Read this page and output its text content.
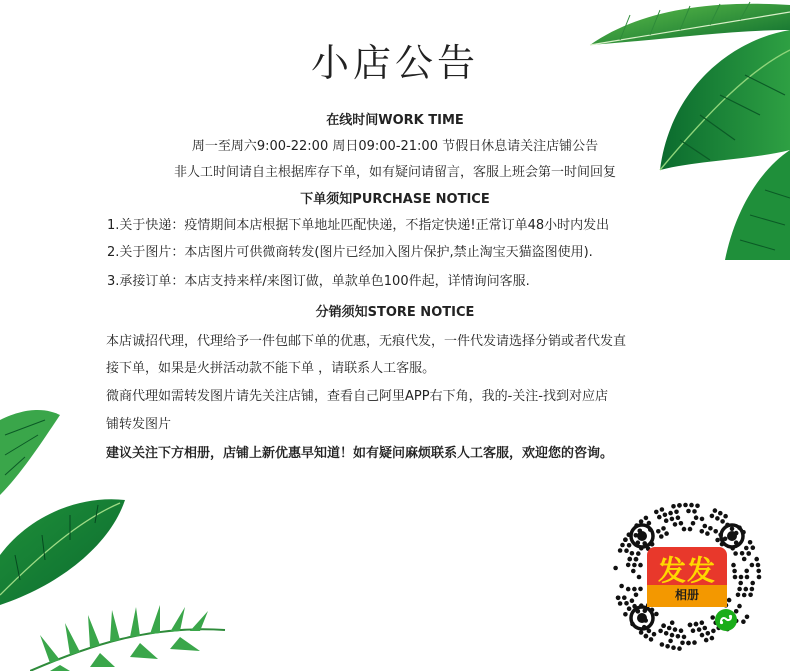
小店公告
在线时间WORK TIME
周一至周六9:00-22:00 周日09:00-21:00 节假日休息请关注店铺公告
非人工时间请自主根据库存下单，如有疑问请留言，客服上班会第一时间回复
下单须知PURCHASE NOTICE
1.关于快递：疫情期间本店根据下单地址匹配快递，不指定快递!正常订单48小时内发出
2.关于图片：本店图片可供微商转发(图片已经加入图片保护,禁止淘宝天猫盗图使用).
3.承接订单：本店支持来样/来图订做，单款单色100件起，详情询问客服.
分销须知STORE NOTICE
本店诚招代理，代理给予一件包邮下单的优惠，无痕代发，一件代发请选择分销或者代发直
接下单，如果是火拼活动款不能下单 ，请联系人工客服。
微商代理如需转发图片请先关注店铺，查看自己阿里APP右下角，我的-关注-找到对应店
铺转发图片
建议关注下方相册，店铺上新优惠早知道！如有疑问麻烦联系人工客服，欢迎您的咨询。
发发
相册
